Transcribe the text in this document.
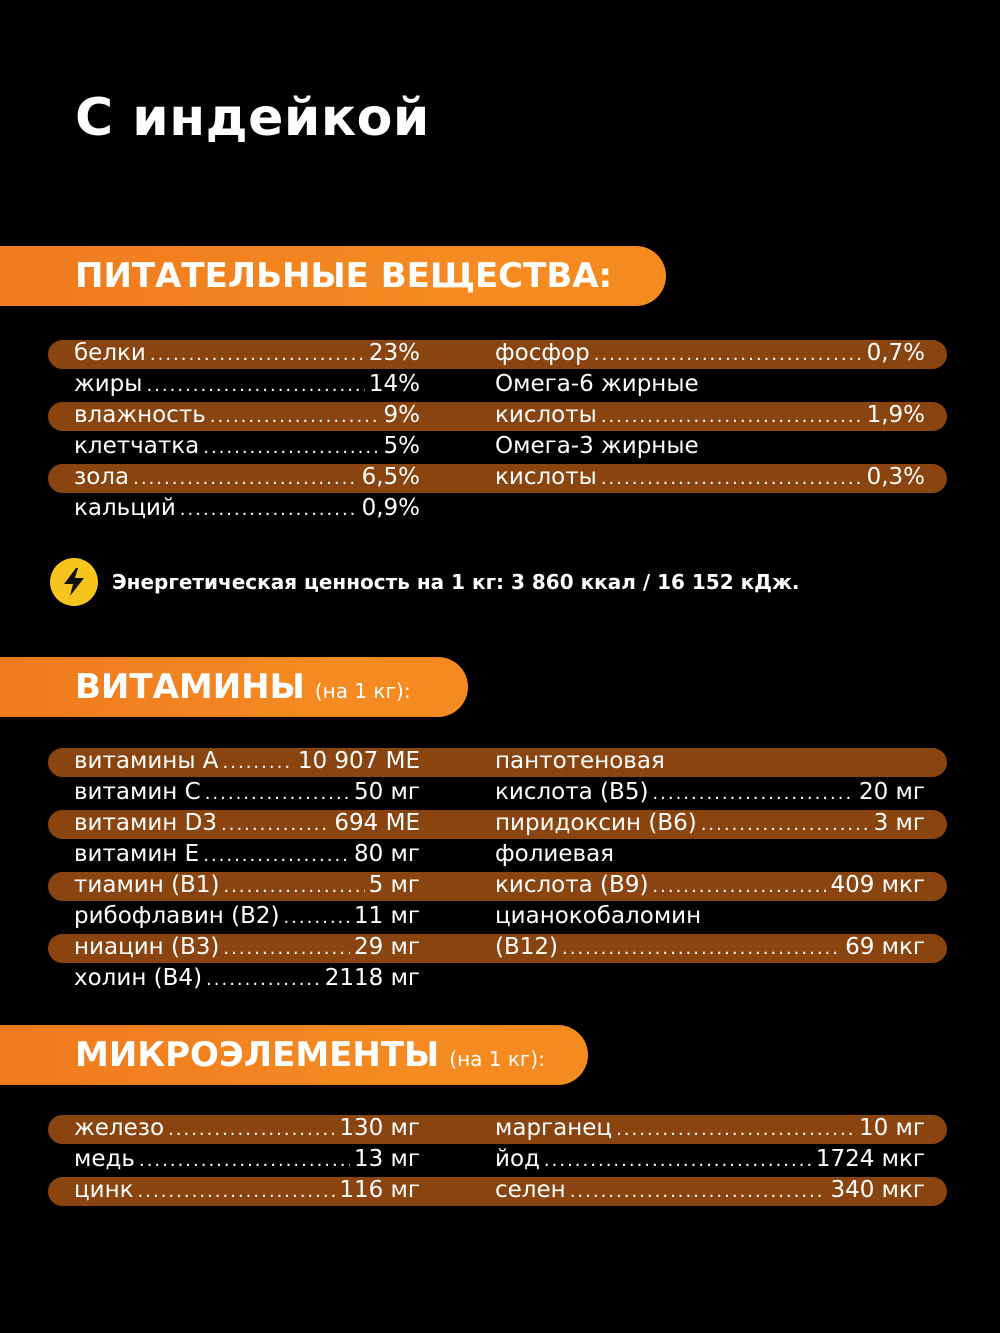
С индейкой
ПИТАТЕЛЬНЫЕ ВЕЩЕСТВА:
белки .....	23%
жиры .....	14%
влажность .....	9%
клетчатка .....	5%
зола .....	6,5%
кальций .....	0,9%
фосфор .....	0,7%
Омега-6 жирные
кислоты .....	1,9%
Омега-3 жирные
кислоты .....	0,3%
Энергетическая ценность на 1 кг: 3 860 ккал / 16 152 кДж.
ВИТАМИНЫ (на 1 кг):
витамины А .....	10 907 МЕ
витамин С .....	50 мг
витамин D3 .....	694 МЕ
витамин Е .....	80 мг
тиамин (В1) .....	5 мг
рибофлавин (В2) .....	11 мг
ниацин (В3) .....	29 мг
холин (В4) .....	2118 мг
пантотеновая
кислота (В5) .....	20 мг
пиридоксин (В6) .....	3 мг
фолиевая
кислота (В9) .....	409 мкг
цианокобаломин
(В12) .....	69 мкг
МИКРОЭЛЕМЕНТЫ (на 1 кг):
железо .....	130 мг
медь .....	13 мг
цинк .....	116 мг
марганец .....	10 мг
йод .....	1724 мкг
селен .....	340 мкг
